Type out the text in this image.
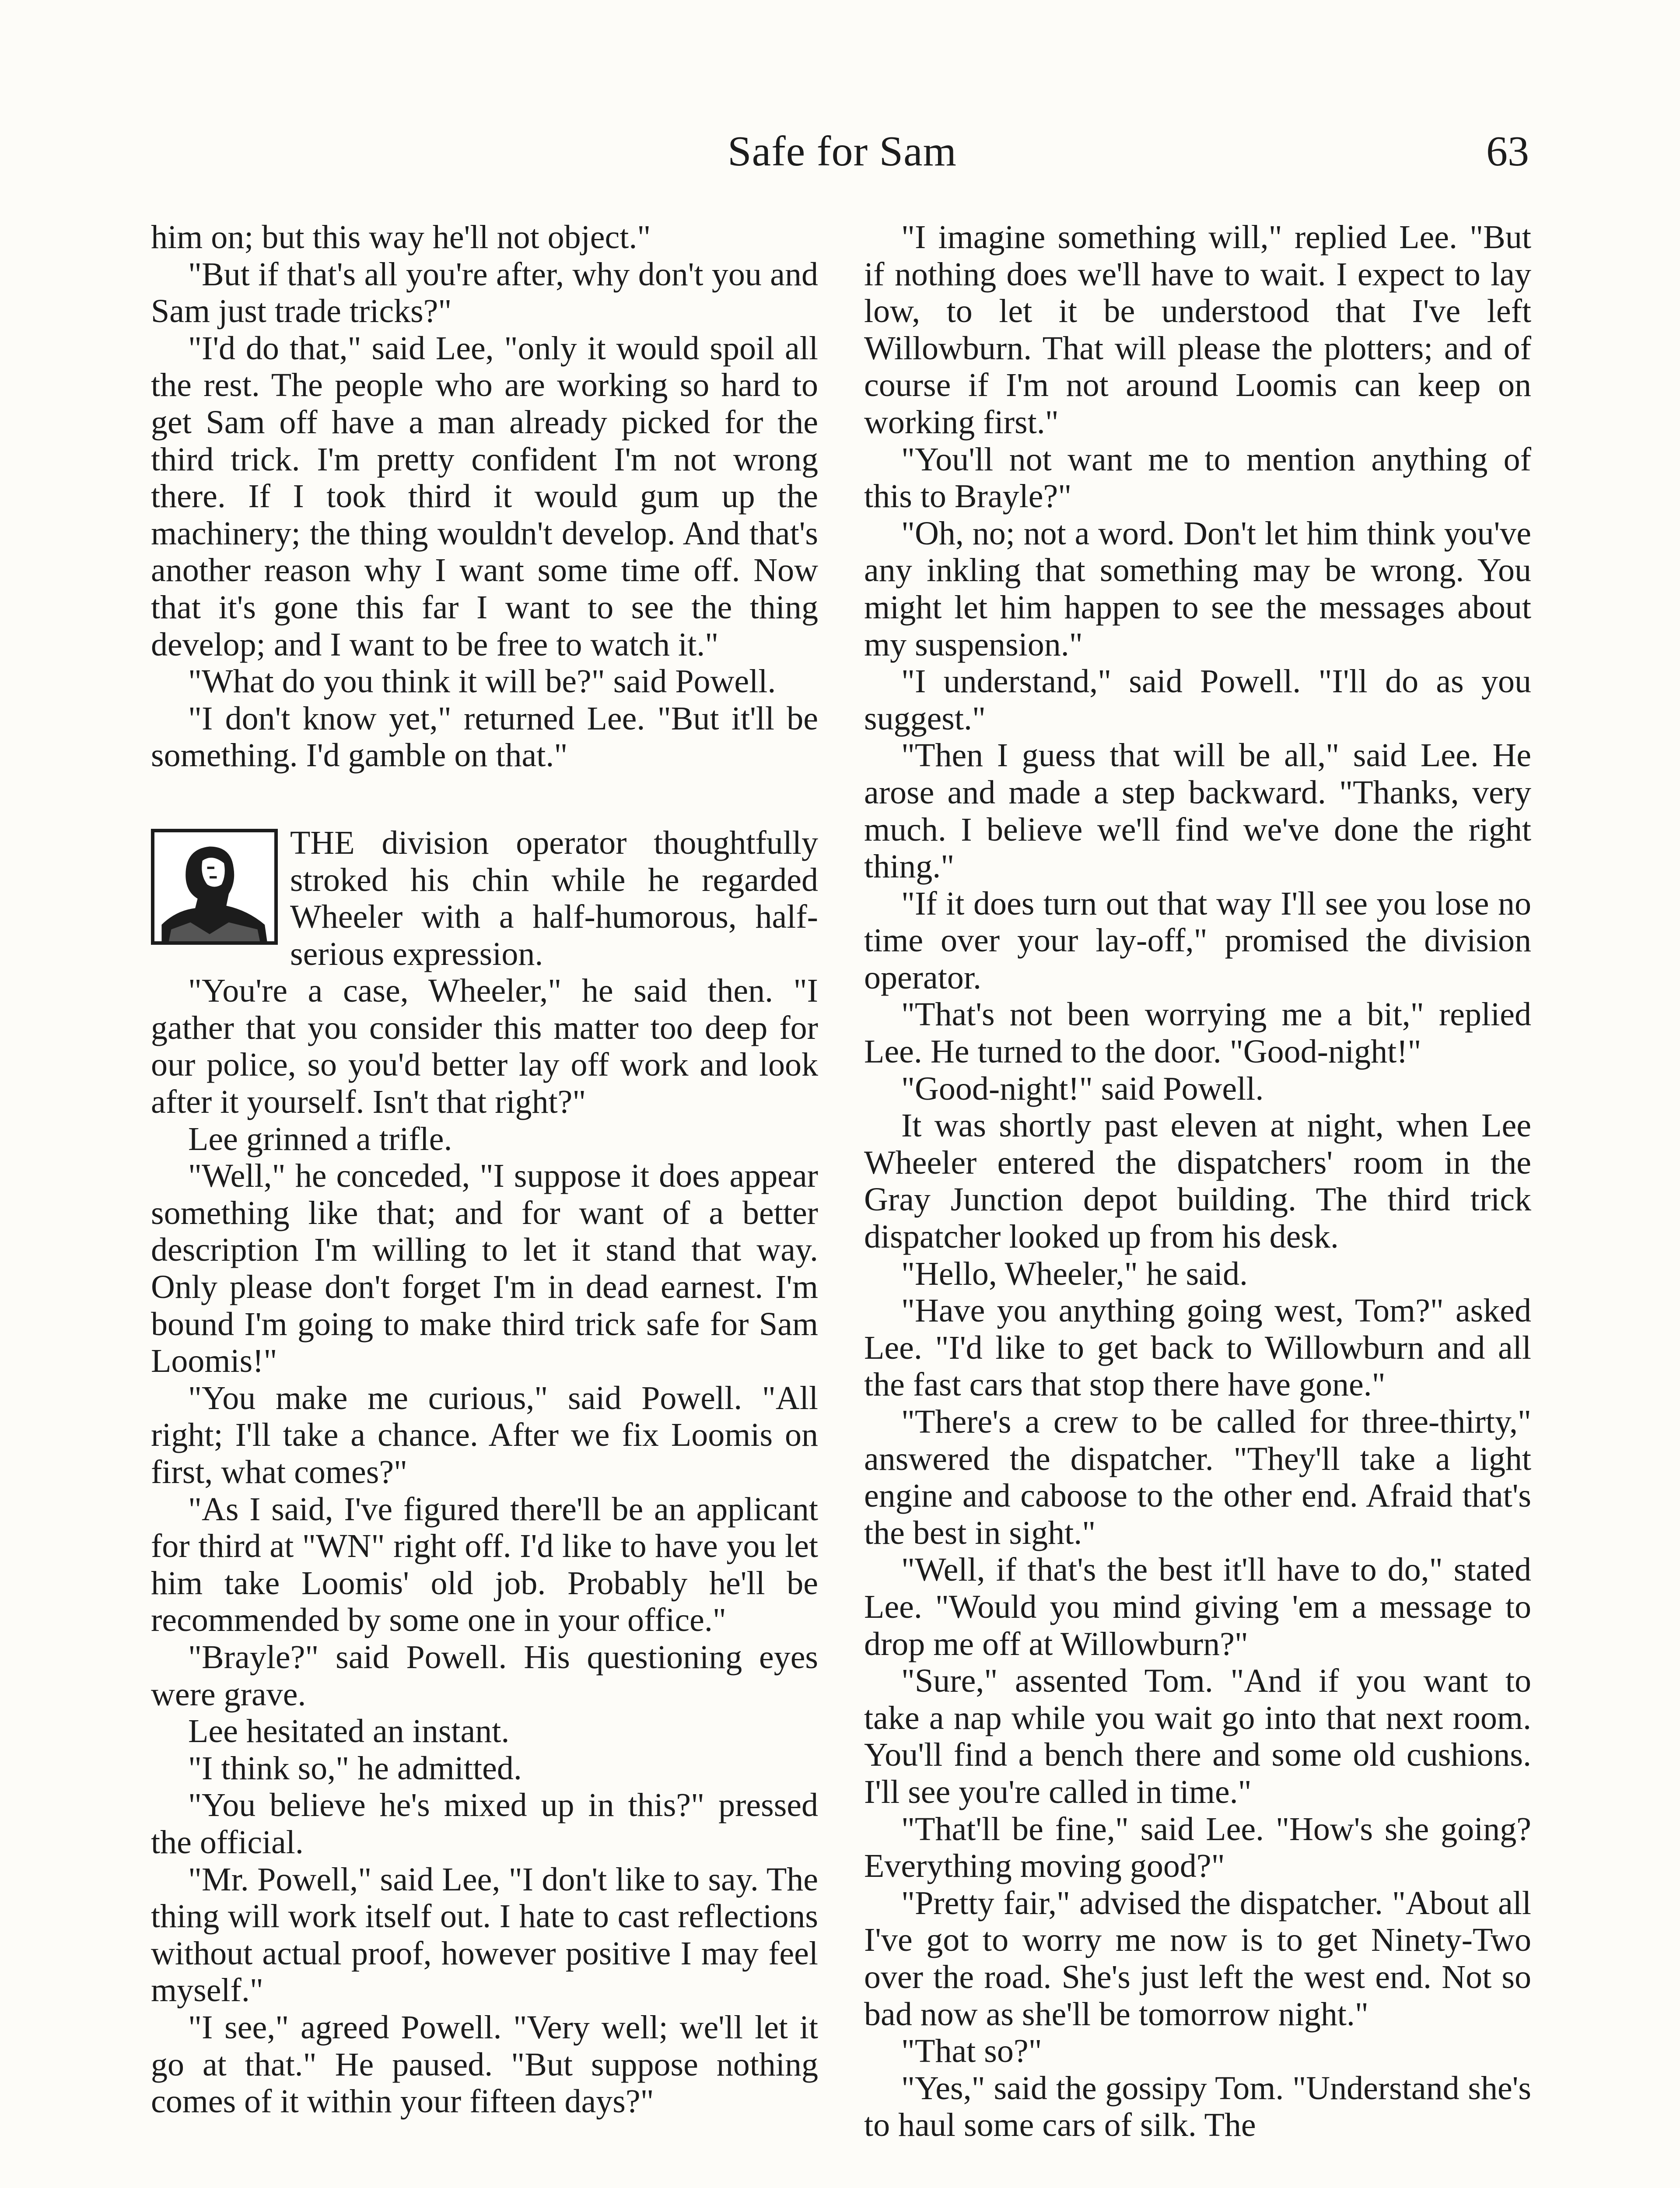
Safe for Sam	63

him on; but this way he'll not object."

"But if that's all you're after, why don't you and Sam just trade tricks?"

"I'd do that," said Lee, "only it would spoil all the rest. The people who are working so hard to get Sam off have a man already picked for the third trick. I'm pretty confident I'm not wrong there. If I took third it would gum up the machinery; the thing wouldn't develop. And that's another reason why I want some time off. Now that it's gone this far I want to see the thing develop; and I want to be free to watch it."

"What do you think it will be?" said Powell.

"I don't know yet," returned Lee. "But it'll be something. I'd gamble on that."

THE division operator thoughtfully stroked his chin while he regarded Wheeler with a half-humorous, half-serious expression.

"You're a case, Wheeler," he said then. "I gather that you consider this matter too deep for our police, so you'd better lay off work and look after it yourself. Isn't that right?"

Lee grinned a trifle.

"Well," he conceded, "I suppose it does appear something like that; and for want of a better description I'm willing to let it stand that way. Only please don't forget I'm in dead earnest. I'm bound I'm going to make third trick safe for Sam Loomis!"

"You make me curious," said Powell. "All right; I'll take a chance. After we fix Loomis on first, what comes?"

"As I said, I've figured there'll be an applicant for third at "WN" right off. I'd like to have you let him take Loomis' old job. Probably he'll be recommended by some one in your office."

"Brayle?" said Powell. His questioning eyes were grave.

Lee hesitated an instant.

"I think so," he admitted.

"You believe he's mixed up in this?" pressed the official.

"Mr. Powell," said Lee, "I don't like to say. The thing will work itself out. I hate to cast reflections without actual proof, however positive I may feel myself."

"I see," agreed Powell. "Very well; we'll let it go at that." He paused. "But suppose nothing comes of it within your fifteen days?"

"I imagine something will," replied Lee. "But if nothing does we'll have to wait. I expect to lay low, to let it be understood that I've left Willowburn. That will please the plotters; and of course if I'm not around Loomis can keep on working first."

"You'll not want me to mention anything of this to Brayle?"

"Oh, no; not a word. Don't let him think you've any inkling that something may be wrong. You might let him happen to see the messages about my suspension."

"I understand," said Powell. "I'll do as you suggest."

"Then I guess that will be all," said Lee. He arose and made a step backward. "Thanks, very much. I believe we'll find we've done the right thing."

"If it does turn out that way I'll see you lose no time over your lay-off," promised the division operator.

"That's not been worrying me a bit," replied Lee. He turned to the door. "Good-night!"

"Good-night!" said Powell.

It was shortly past eleven at night, when Lee Wheeler entered the dispatchers' room in the Gray Junction depot building. The third trick dispatcher looked up from his desk.

"Hello, Wheeler," he said.

"Have you anything going west, Tom?" asked Lee. "I'd like to get back to Willowburn and all the fast cars that stop there have gone."

"There's a crew to be called for three-thirty," answered the dispatcher. "They'll take a light engine and caboose to the other end. Afraid that's the best in sight."

"Well, if that's the best it'll have to do," stated Lee. "Would you mind giving 'em a message to drop me off at Willowburn?"

"Sure," assented Tom. "And if you want to take a nap while you wait go into that next room. You'll find a bench there and some old cushions. I'll see you're called in time."

"That'll be fine," said Lee. "How's she going? Everything moving good?"

"Pretty fair," advised the dispatcher. "About all I've got to worry me now is to get Ninety-Two over the road. She's just left the west end. Not so bad now as she'll be tomorrow night."

"That so?"

"Yes," said the gossipy Tom. "Understand she's to haul some cars of silk. The
